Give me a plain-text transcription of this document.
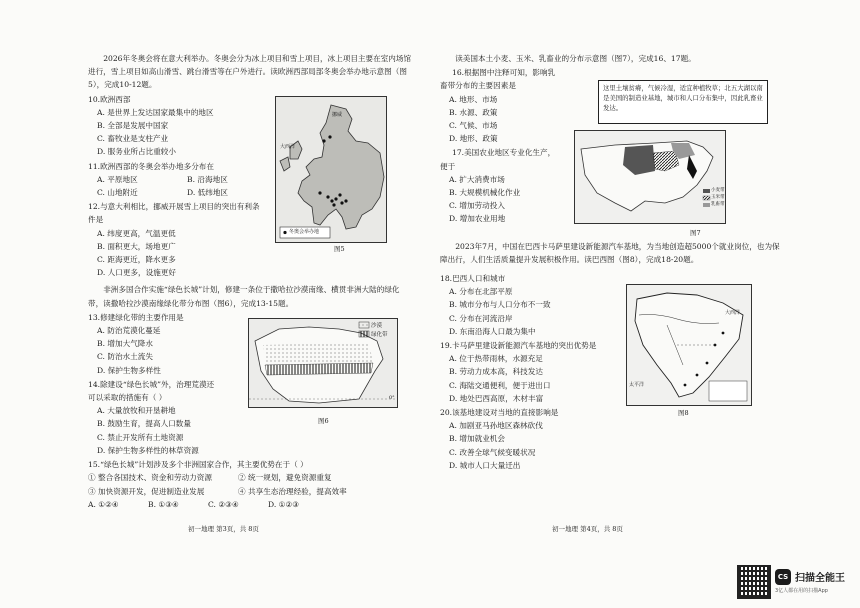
2026年冬奥会将在意大利举办。冬奥会分为冰上项目和雪上项目，冰上项目主要在室内场馆进行，雪上项目如高山滑雪、跳台滑雪等在户外进行。读欧洲西部局部冬奥会举办地示意图（图5），完成10-12题。
10.欧洲西部
A. 是世界上发达国家最集中的地区
B. 全部是发展中国家
C. 畜牧业是支柱产业
D. 服务业所占比重较小
11.欧洲西部的冬奥会举办地多分布在
A. 平原地区	B. 沿海地区
C. 山地附近	D. 低纬地区
12.与意大利相比，挪威开展雪上项目的突出有利条
件是
A. 纬度更高，气温更低
B. 面积更大，场地更广
C. 距海更近，降水更多
D. 人口更多，设施更好
非洲多国合作实施“绿色长城”计划，修建一条位于撒哈拉沙漠南缘、横贯非洲大陆的绿化带，读撒哈拉沙漠南缘绿化带分布图（图6），完成13-15题。
13.修建绿化带的主要作用是
A. 防治荒漠化蔓延
B. 增加大气降水
C. 防治水土流失
D. 保护生物多样性
14.除建设“绿色长城”外，治理荒漠还
可以采取的措施有（ ）
A. 大量放牧和开垦耕地
B. 鼓励生育，提高人口数量
C. 禁止开发所有土地资源
D. 保护生物多样性的林草资源
15.“绿色长城”计划涉及多个非洲国家合作，其主要优势在于（ ）
① 整合各国技术、资金和劳动力资源	② 统一规划，避免资源重复
③ 加快资源开发，促进制造业发展	④ 共享生态治理经验，提高效率
A. ①②④	B. ①③④	C. ②③④	D. ①②③
大西洋
挪威
冬奥会举办地
图5
沙漠
绿化带
0°
图6
初一地理 第3页，共 8页
读美国本土小麦、玉米、乳畜业的分布示意图（图7），完成16、17题。
16.根据图中注释可知，影响乳
畜带分布的主要因素是
A. 地形、市场
B. 水源、政策
C. 气候、市场
D. 地形、政策
17.美国农业地区专业化生产，
便于
A. 扩大消费市场
B. 大规模机械化作业
C. 增加劳动投入
D. 增加农业用地
2023年7月，中国在巴西卡马萨里建设新能源汽车基地，为当地创造超5000个就业岗位，也为保障出行，人们生活质量提升发展积极作用。读巴西图（图8），完成18-20题。
18.巴西人口和城市
A. 分布在北部平原
B. 城市分布与人口分布不一致
C. 分布在河流沿岸
D. 东南沿海人口最为集中
19.卡马萨里建设新能源汽车基地的突出优势是
A. 位于热带雨林，水源充足
B. 劳动力成本高，科技发达
C. 海陆交通便利，便于进出口
D. 地处巴西高原，木材丰富
20.该基地建设对当地的直接影响是
A. 加剧亚马孙地区森林砍伐
B. 增加就业机会
C. 改善全球气候变暖状况
D. 城市人口大量迁出
这里土壤贫瘠，气候冷湿，适宜种植牧草；北五大湖以南是美国的制造业基地，城市和人口分布集中，因此乳畜业发达。
小麦带
玉米带
乳畜带
图7
大西洋
太平洋
图8
初一地理 第4页，共 8页
CS 扫描全能王
3亿人都在用的扫描App
